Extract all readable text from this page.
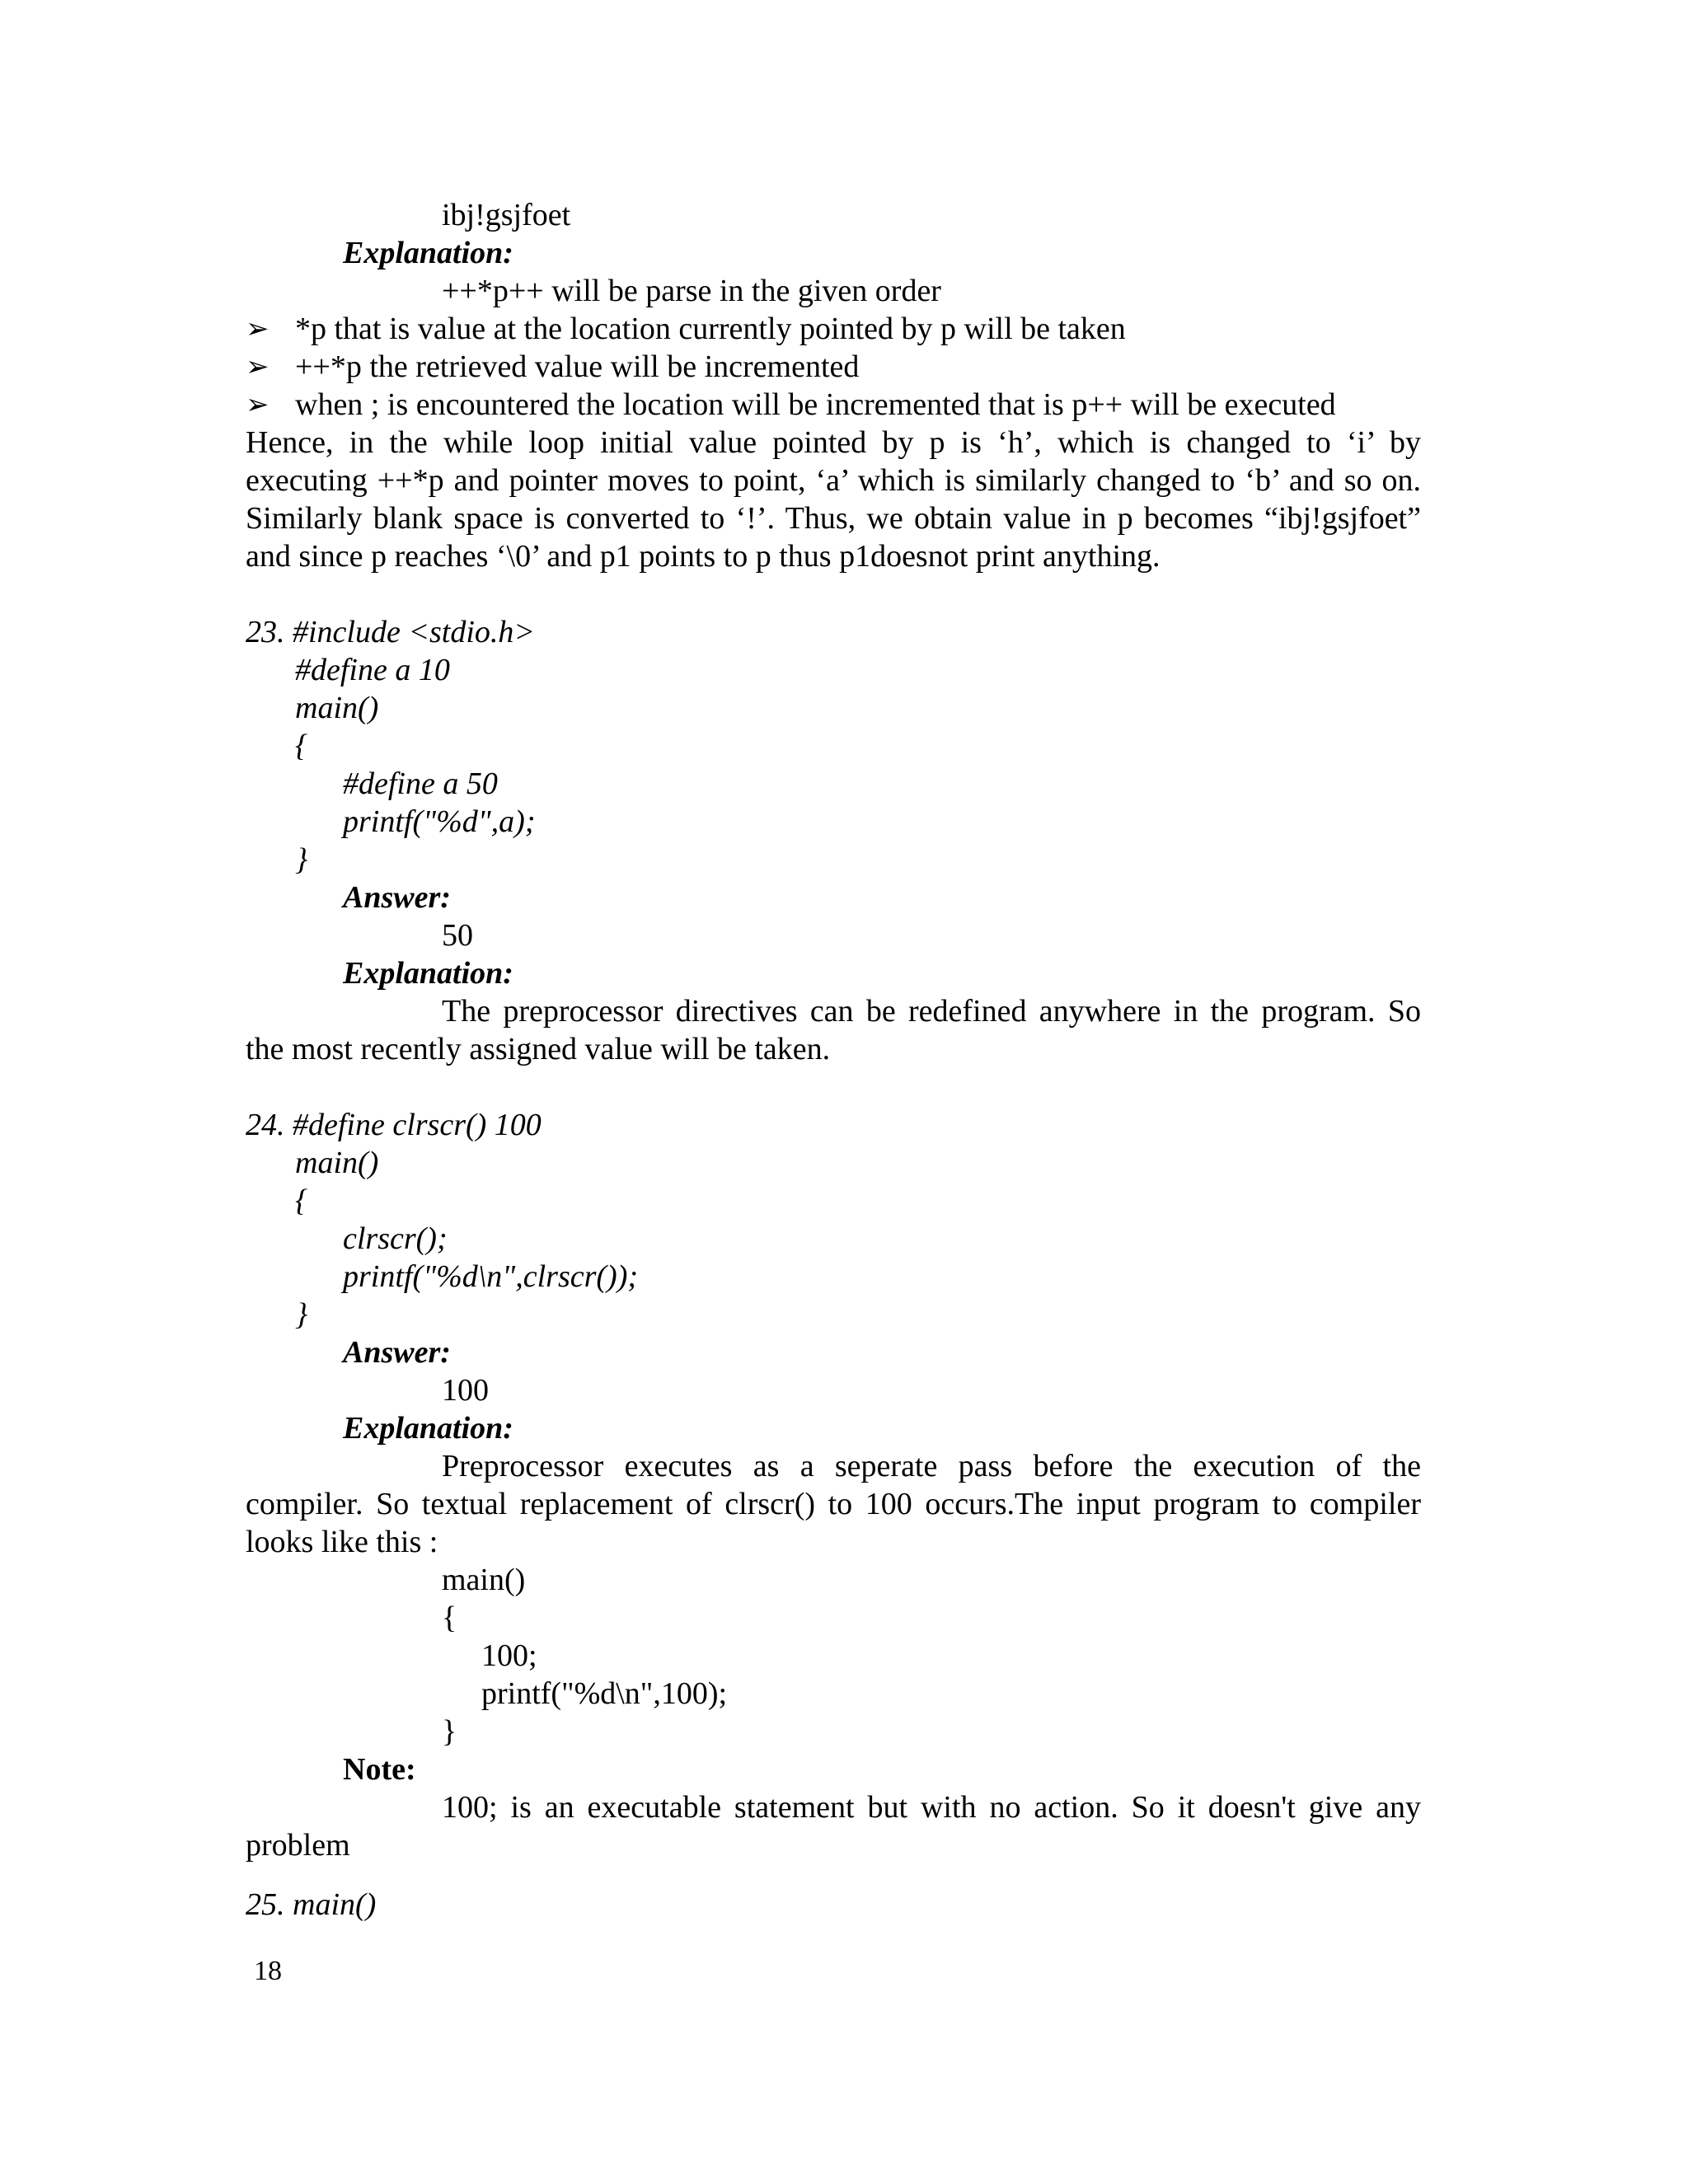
ibj!gsjfoet
Explanation:
++*p++ will be parse in the given order
➢ *p that is value at the location currently pointed by p will be taken
➢ ++*p the retrieved value will be incremented
➢ when ; is encountered the location will be incremented that is p++ will be executed
Hence, in the while loop initial value pointed by p is ‘h’, which is changed to ‘i’ by
executing ++*p and pointer moves to point, ‘a’ which is similarly changed to ‘b’ and so on.
Similarly blank space is converted to ‘!’. Thus, we obtain value in p becomes “ibj!gsjfoet”
and since p reaches ‘\0’ and p1 points to p thus p1doesnot print anything.
23. #include <stdio.h>
#define a 10
main()
{
#define a 50
printf("%d",a);
}
Answer:
50
Explanation:
The preprocessor directives can be redefined anywhere in the program. So
the most recently assigned value will be taken.
24. #define clrscr() 100
main()
{
clrscr();
printf("%d\n",clrscr());
}
Answer:
100
Explanation:
Preprocessor executes as a seperate pass before the execution of the
compiler. So textual replacement of clrscr() to 100 occurs.The input program to compiler
looks like this :
main()
{
100;
printf("%d\n",100);
}
Note:
100; is an executable statement but with no action. So it doesn't give any
problem
25. main()
18
